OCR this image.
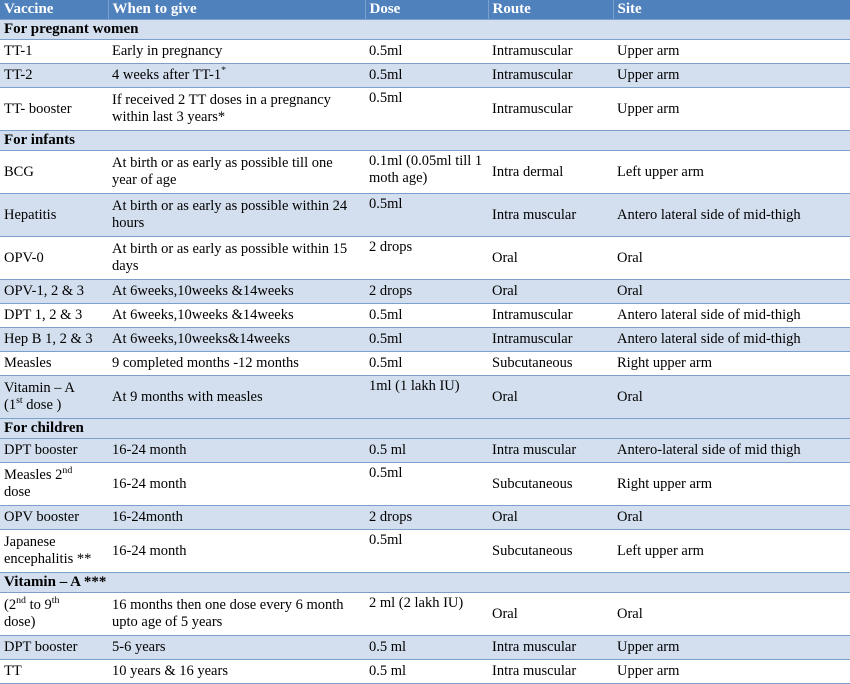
Vaccine	When to give	Dose	Route	Site
For pregnant women				
TT-1	Early in pregnancy	0.5ml	Intramuscular	Upper arm
TT-2	4 weeks after TT-1*	0.5ml	Intramuscular	Upper arm
TT- booster	If received 2 TT doses in a pregnancy within last 3 years*	0.5ml	Intramuscular	Upper arm
For infants				
BCG	At birth or as early as possible till one year of age	0.1ml (0.05ml till 1 moth age)	Intra dermal	Left upper arm
Hepatitis	At birth or as early as possible within 24 hours	0.5ml	Intra muscular	Antero lateral side of mid-thigh
OPV-0	At birth or as early as possible within 15 days	2 drops	Oral	Oral
OPV-1, 2 & 3	At 6weeks,10weeks &14weeks	2 drops	Oral	Oral
DPT 1, 2 & 3	At 6weeks,10weeks &14weeks	0.5ml	Intramuscular	Antero lateral side of mid-thigh
Hep B 1, 2 & 3	At 6weeks,10weeks&14weeks	0.5ml	Intramuscular	Antero lateral side of mid-thigh
Measles	9 completed months -12 months	0.5ml	Subcutaneous	Right upper arm

Vitamin – A
(1st dose )	At 9 months with measles	1ml (1 lakh IU)	Oral	Oral
For children				
DPT booster	16-24 month	0.5 ml	Intra muscular	Antero-lateral side of mid thigh

Measles 2nd
dose	16-24 month	0.5ml	Subcutaneous	Right upper arm
OPV booster	16-24month	2 drops	Oral	Oral

Japanese
encephalitis **	16-24 month	0.5ml	Subcutaneous	Left upper arm
Vitamin – A ***				

(2nd to 9th
dose)	16 months then one dose every 6 month upto age of 5 years	2 ml (2 lakh IU)	Oral	Oral
DPT booster	5-6 years	0.5 ml	Intra muscular	Upper arm
TT	10 years & 16 years	0.5 ml	Intra muscular	Upper arm
